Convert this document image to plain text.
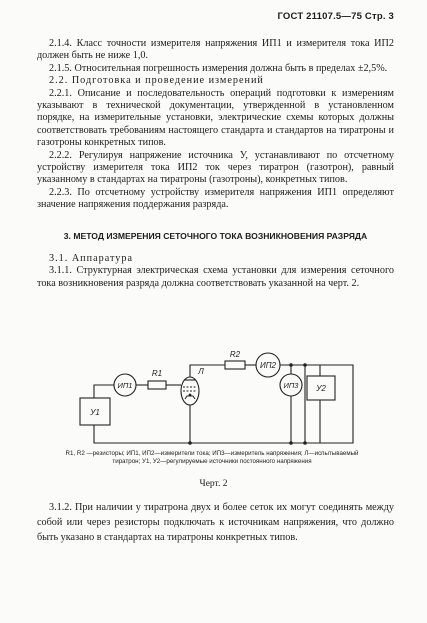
ГОСТ 21107.5—75 Стр. 3

2.1.4. Класс точности измерителя напряжения ИП1 и измерителя тока ИП2 должен быть не ниже 1,0.

2.1.5. Относительная погрешность измерения должна быть в пределах ±2,5%.

2.2. Подготовка и проведение измерений

2.2.1. Описание и последовательность операций подготовки к измерениям указывают в технической документации, утвержденной в установленном порядке, на измерительные установки, электрические схемы которых должны соответствовать требованиям настоящего стандарта и стандартов на тиратроны и газотроны конкретных типов.

2.2.2. Регулируя напряжение источника У, устанавливают по отсчетному устройству измерителя тока ИП2 ток через тиратрон (газотрон), равный указанному в стандартах на тиратроны (газотроны), конкретных типов.

2.2.3. По отсчетному устройству измерителя напряжения ИП1 определяют значение напряжения поддержания разряда.

3. МЕТОД ИЗМЕРЕНИЯ СЕТОЧНОГО ТОКА ВОЗНИКНОВЕНИЯ РАЗРЯДА

3.1. Аппаратура

3.1.1. Структурная электрическая схема установки для измерения сеточного тока возникновения разряда должна соответствовать указанной на черт. 2.

R2
ИП2
ИП1
R1	Л
ИП3 У2
У1
R1, R2 —резисторы; ИП1, ИП2—измерители тока; ИП3—измеритель напряжения; Л—испытываемый тиратрон; У1, У2—регулируемые источники постоянного напряжения
Черт. 2

3.1.2. При наличии у тиратрона двух и более сеток их могут соединять между собой или через резисторы подключать к источникам напряжения, что должно быть указано в стандартах на тиратроны конкретных типов.
